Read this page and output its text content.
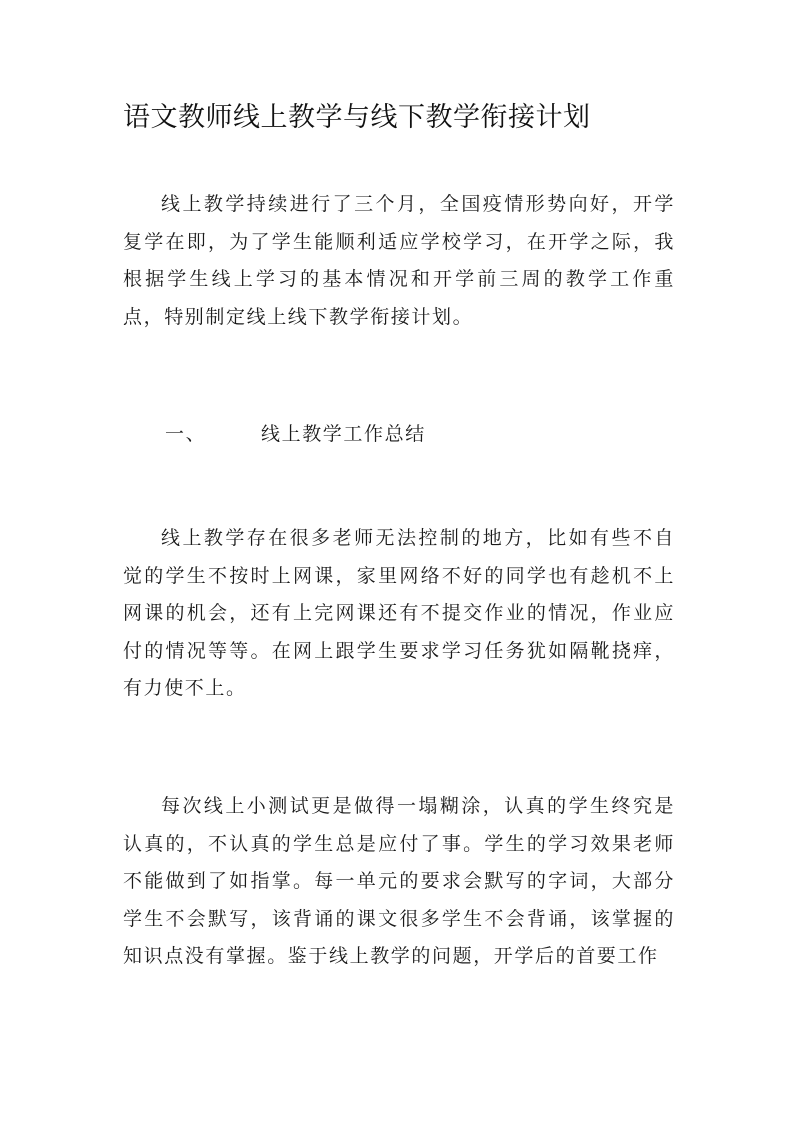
语文教师线上教学与线下教学衔接计划

线上教学持续进行了三个月，全国疫情形势向好，开学复学在即，为了学生能顺利适应学校学习，在开学之际，我根据学生线上学习的基本情况和开学前三周的教学工作重点，特别制定线上线下教学衔接计划。

一、	线上教学工作总结

线上教学存在很多老师无法控制的地方，比如有些不自觉的学生不按时上网课，家里网络不好的同学也有趁机不上网课的机会，还有上完网课还有不提交作业的情况，作业应付的情况等等。在网上跟学生要求学习任务犹如隔靴挠痒，有力使不上。

每次线上小测试更是做得一塌糊涂，认真的学生终究是认真的，不认真的学生总是应付了事。学生的学习效果老师不能做到了如指掌。每一单元的要求会默写的字词，大部分学生不会默写，该背诵的课文很多学生不会背诵，该掌握的知识点没有掌握。鉴于线上教学的问题，开学后的首要工作
